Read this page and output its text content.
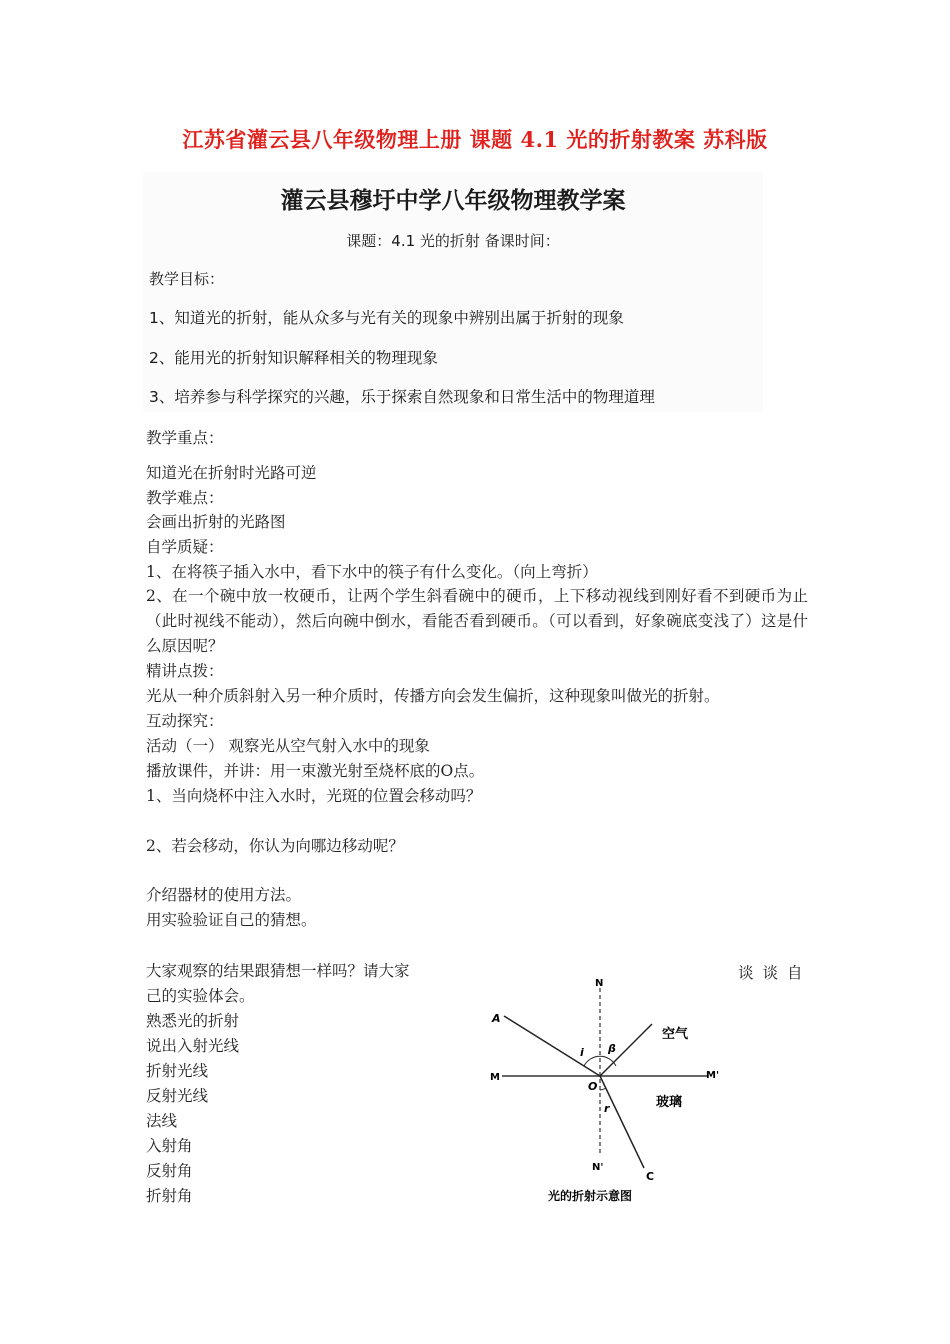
江苏省灌云县八年级物理上册 课题 4.1 光的折射教案 苏科版
灌云县穆圩中学八年级物理教学案
课题：4.1 光的折射 备课时间：
教学目标：
1、知道光的折射，能从众多与光有关的现象中辨别出属于折射的现象
2、能用光的折射知识解释相关的物理现象
3、培养参与科学探究的兴趣，乐于探索自然现象和日常生活中的物理道理
教学重点：
知道光在折射时光路可逆
教学难点：
会画出折射的光路图
自学质疑：
1、在将筷子插入水中，看下水中的筷子有什么变化。（向上弯折）
2、在一个碗中放一枚硬币，让两个学生斜看碗中的硬币，上下移动视线到刚好看不到硬币为止（此时视线不能动），然后向碗中倒水，看能否看到硬币。（可以看到，好象碗底变浅了）这是什么原因呢？
精讲点拨：
光从一种介质斜射入另一种介质时，传播方向会发生偏折，这种现象叫做光的折射。
互动探究：
活动（一） 观察光从空气射入水中的现象
播放课件，并讲：用一束激光射至烧杯底的O点。
1、当向烧杯中注入水时，光斑的位置会移动吗？
2、若会移动，你认为向哪边移动呢？
介绍器材的使用方法。
用实验验证自己的猜想。
大家观察的结果跟猜想一样吗？请大家	谈谈自
己的实验体会。
熟悉光的折射
说出入射光线
折射光线
反射光线
法线
入射角
反射角
折射角
N
N'
M	M'
A
O
C
i β
r
空气
玻璃
光的折射示意图
